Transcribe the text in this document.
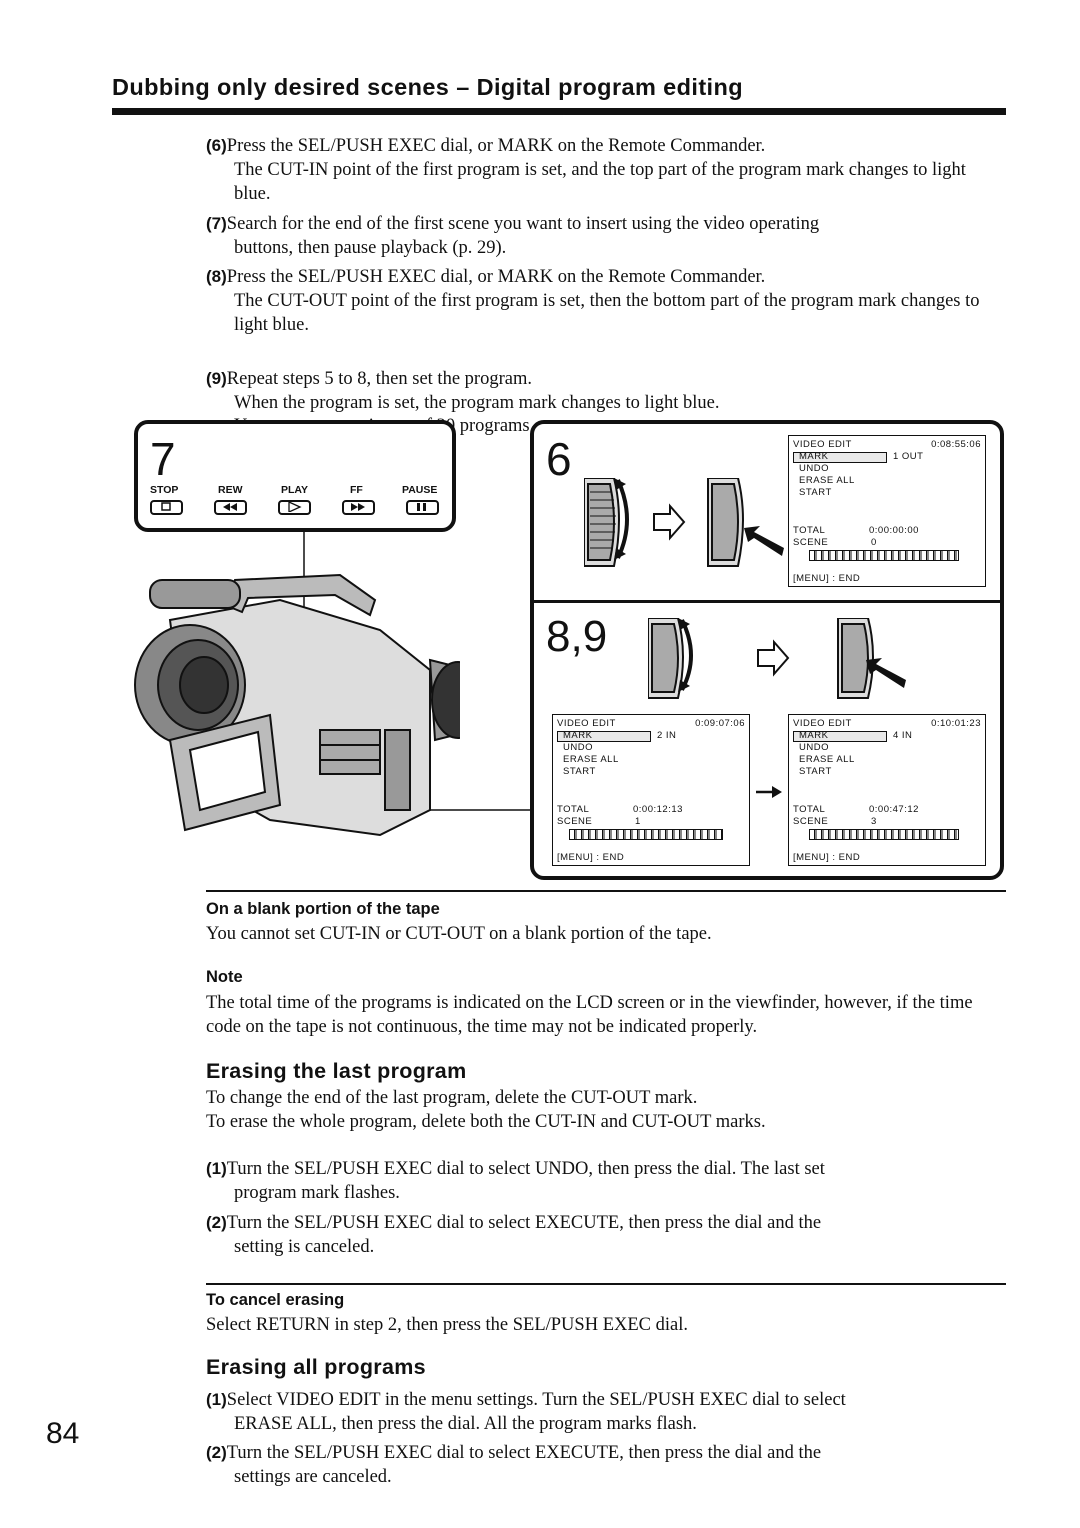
Dubbing only desired scenes – Digital program editing
(6)Press the SEL/PUSH EXEC dial, or MARK on the Remote Commander.
The CUT-IN point of the first program is set, and the top part of the program mark changes to light blue.
(7)Search for the end of the first scene you want to insert using the video operating
buttons, then pause playback (p. 29).
(8)Press the SEL/PUSH EXEC dial, or MARK on the Remote Commander.
The CUT-OUT point of the first program is set, then the bottom part of the program mark changes to light blue.

(9)Repeat steps 5 to 8, then set the program.

When the program is set, the program mark changes to light blue.
programs.

7
STOP	REW	PLAY	FF	PAUSE
6
8,9
VIDEO EDIT	0:08:55:06
MARK	1 OUT
UNDO
ERASE ALL
START
TOTAL	0:00:00:00
SCENE	0
[MENU] : END
VIDEO EDIT	0:09:07:06
MARK	2 IN
UNDO
ERASE ALL
START
TOTAL	0:00:12:13
SCENE	1
[MENU] : END
VIDEO EDIT	0:10:01:23
MARK	4 IN
UNDO
ERASE ALL
START
TOTAL	0:00:47:12
SCENE	3
[MENU] : END
On a blank portion of the tape
You cannot set CUT-IN or CUT-OUT on a blank portion of the tape.
Note
The total time of the programs is indicated on the LCD screen or in the viewfinder, however, if the time code on the tape is not continuous, the time may not be indicated properly.
Erasing the last program
To change the end of the last program, delete the CUT-OUT mark.
To erase the whole program, delete both the CUT-IN and CUT-OUT marks.
(1)Turn the SEL/PUSH EXEC dial to select UNDO, then press the dial. The last set
program mark flashes.
(2)Turn the SEL/PUSH EXEC dial to select EXECUTE, then press the dial and the
setting is canceled.
To cancel erasing
Select RETURN in step 2, then press the SEL/PUSH EXEC dial.
Erasing all programs
(1)Select VIDEO EDIT in the menu settings. Turn the SEL/PUSH EXEC dial to select
ERASE ALL, then press the dial. All the program marks flash.
(2)Turn the SEL/PUSH EXEC dial to select EXECUTE, then press the dial and the
settings are canceled.
84
